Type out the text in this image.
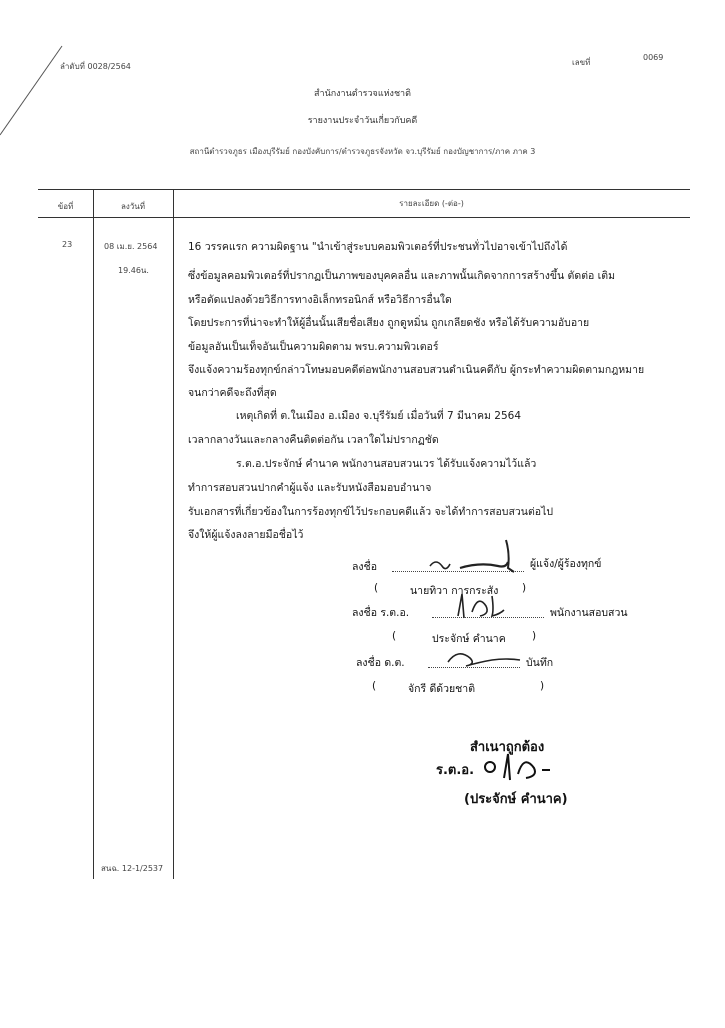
ลำดับที่ 0028/2564	เลขที่
0069
สำนักงานตำรวจแห่งชาติ
รายงานประจำวันเกี่ยวกับคดี
สถานีตำรวจภูธร เมืองบุรีรัมย์ กองบังคับการ/ตำรวจภูธรจังหวัด จว.บุรีรัมย์ กองบัญชาการ/ภาค ภาค 3
ข้อที่	ลงวันที่	รายละเอียด (-ต่อ-)
23	08 เม.ย. 2564
19.46น.
16 วรรคแรก ความผิดฐาน "นำเข้าสู่ระบบคอมพิวเตอร์ที่ประชนทั่วไปอาจเข้าไปถึงได้
ซึ่งข้อมูลคอมพิวเตอร์ที่ปรากฏเป็นภาพของบุคคลอื่น และภาพนั้นเกิดจากการสร้างขึ้น ตัดต่อ เติม
หรือดัดแปลงด้วยวิธีการทางอิเล็กทรอนิกส์ หรือวิธีการอื่นใด
โดยประการที่น่าจะทำให้ผู้อื่นนั้นเสียชื่อเสียง ถูกดูหมิ่น ถูกเกลียดชัง หรือได้รับความอับอาย
ข้อมูลอันเป็นเท็จอันเป็นความผิดตาม พรบ.ความพิวเตอร์
จึงแจ้งความร้องทุกข์กล่าวโทษมอบคดีต่อพนักงานสอบสวนดำเนินคดีกับ ผู้กระทำความผิดตามกฎหมาย
จนกว่าคดีจะถึงที่สุด
เหตุเกิดที่ ต.ในเมือง อ.เมือง จ.บุรีรัมย์ เมื่อวันที่ 7 มีนาคม 2564
เวลากลางวันและกลางคืนติดต่อกัน เวลาใดไม่ปรากฏชัด
ร.ต.อ.ประจักษ์ คำนาค พนักงานสอบสวนเวร ได้รับแจ้งความไว้แล้ว
ทำการสอบสวนปากคำผู้แจ้ง และรับหนังสือมอบอำนาจ
รับเอกสารที่เกี่ยวข้องในการร้องทุกข์ไว้ประกอบคดีแล้ว จะได้ทำการสอบสวนต่อไป
จึงให้ผู้แจ้งลงลายมือชื่อไว้
ลงชื่อ	ผู้แจ้ง/ผู้ร้องทุกข์
(	นายทิวา การกระสัง )
ลงชื่อ ร.ต.อ.	พนักงานสอบสวน
(	ประจักษ์ คำนาค	)
ลงชื่อ ด.ต.	บันทึก
(	จักรี ดีด้วยชาติ	)
สำเนาถูกต้อง
ร.ต.อ.
(ประจักษ์ คำนาค)
สนฉ. 12-1/2537
